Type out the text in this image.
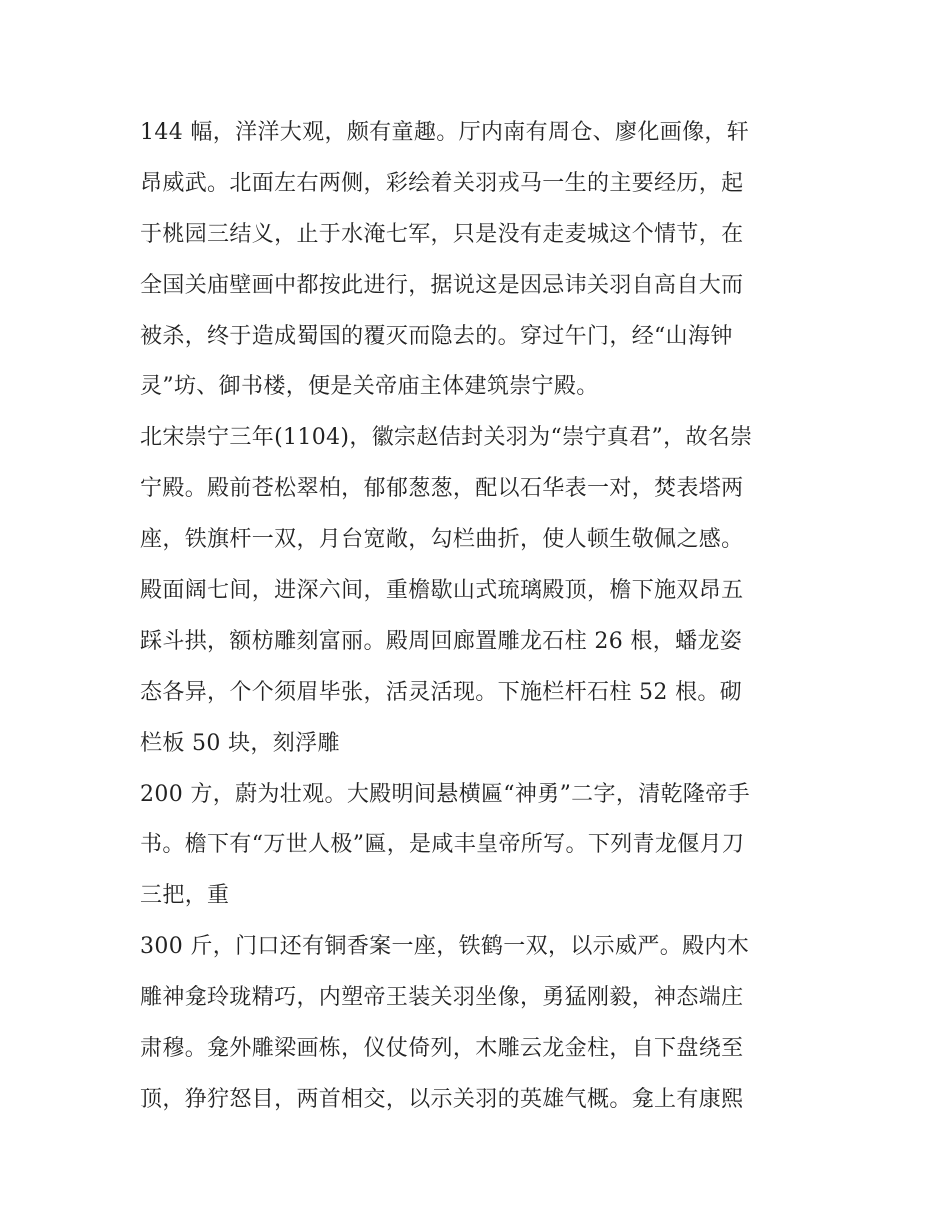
144 幅，洋洋大观，颇有童趣。厅内南有周仓、廖化画像，轩
昂威武。北面左右两侧，彩绘着关羽戎马一生的主要经历，起
于桃园三结义，止于水淹七军，只是没有走麦城这个情节，在
全国关庙壁画中都按此进行，据说这是因忌讳关羽自高自大而
被杀，终于造成蜀国的覆灭而隐去的。穿过午门，经“山海钟
灵”坊、御书楼，便是关帝庙主体建筑崇宁殿。
北宋崇宁三年(1104)，徽宗赵佶封关羽为“崇宁真君”，故名崇
宁殿。殿前苍松翠柏，郁郁葱葱，配以石华表一对，焚表塔两
座，铁旗杆一双，月台宽敞，勾栏曲折，使人顿生敬佩之感。
殿面阔七间，进深六间，重檐歇山式琉璃殿顶，檐下施双昂五
踩斗拱，额枋雕刻富丽。殿周回廊置雕龙石柱 26 根，蟠龙姿
态各异，个个须眉毕张，活灵活现。下施栏杆石柱 52 根。砌
栏板 50 块，刻浮雕
200 方，蔚为壮观。大殿明间悬横匾“神勇”二字，清乾隆帝手
书。檐下有“万世人极”匾，是咸丰皇帝所写。下列青龙偃月刀
三把，重
300 斤，门口还有铜香案一座，铁鹤一双，以示威严。殿内木
雕神龛玲珑精巧，内塑帝王装关羽坐像，勇猛刚毅，神态端庄
肃穆。龛外雕梁画栋，仪仗倚列，木雕云龙金柱，自下盘绕至
顶，狰狞怒目，两首相交，以示关羽的英雄气概。龛上有康熙
